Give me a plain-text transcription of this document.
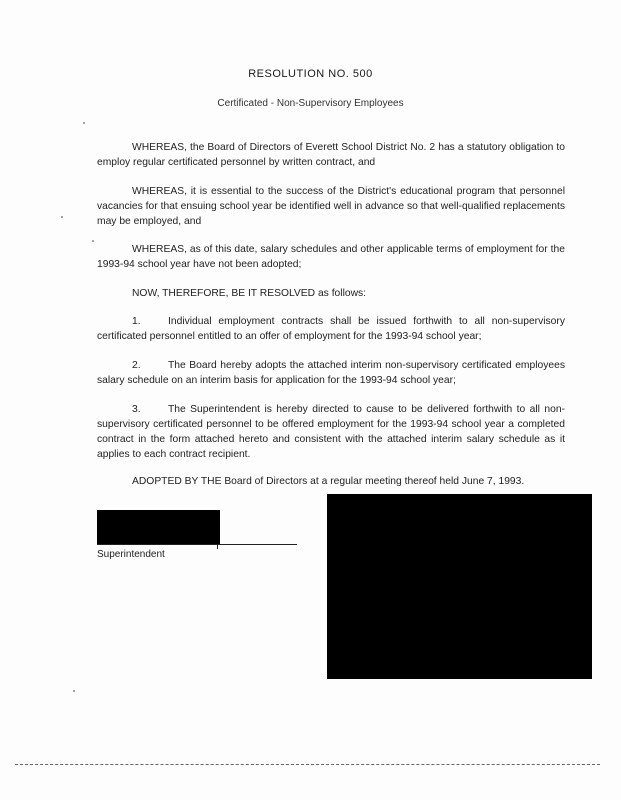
RESOLUTION NO. 500
Certificated - Non-Supervisory Employees
WHEREAS, the Board of Directors of Everett School District No. 2 has a statutory obligation to employ regular certificated personnel by written contract, and
WHEREAS, it is essential to the success of the District's educational program that personnel vacancies for that ensuing school year be identified well in advance so that well-qualified replacements may be employed, and
WHEREAS, as of this date, salary schedules and other applicable terms of employment for the 1993-94 school year have not been adopted;
NOW, THEREFORE, BE IT RESOLVED as follows:
1.	Individual employment contracts shall be issued forthwith to all non-supervisory certificated personnel entitled to an offer of employment for the 1993-94 school year;
2.	The Board hereby adopts the attached interim non-supervisory certificated employees salary schedule on an interim basis for application for the 1993-94 school year;
3.	The Superintendent is hereby directed to cause to be delivered forthwith to all non-supervisory certificated personnel to be offered employment for the 1993-94 school year a completed contract in the form attached hereto and consistent with the attached interim salary schedule as it applies to each contract recipient.
ADOPTED BY THE Board of Directors at a regular meeting thereof held June 7, 1993.
Superintendent
